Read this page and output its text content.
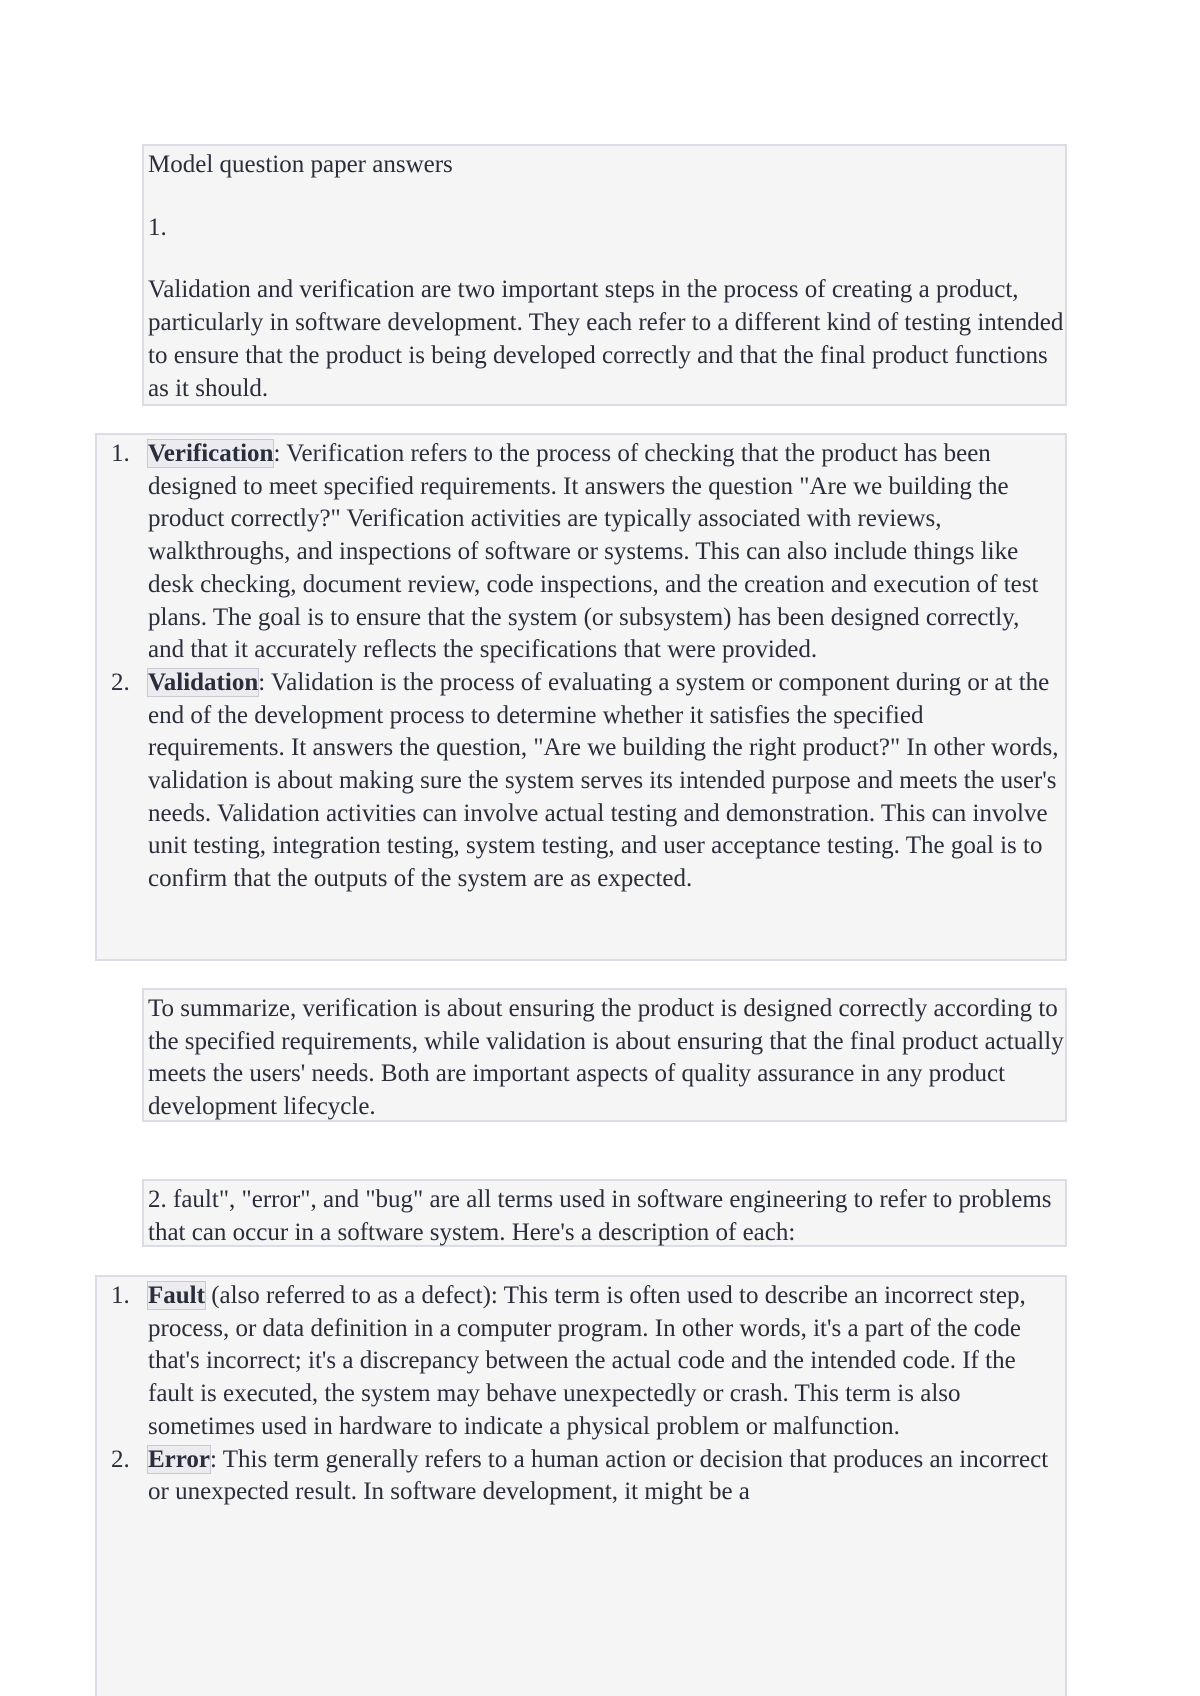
Model question paper answers

1.

Validation and verification are two important steps in the process of creating a product, particularly in software development. They each refer to a different kind of testing intended to ensure that the product is being developed correctly and that the final product functions as it should.

1. Verification: Verification refers to the process of checking that the product has been designed to meet specified requirements. It answers the question "Are we building the product correctly?" Verification activities are typically associated with reviews, walkthroughs, and inspections of software or systems. This can also include things like desk checking, document review, code inspections, and the creation and execution of test plans. The goal is to ensure that the system (or subsystem) has been designed correctly, and that it accurately reflects the specifications that were provided.
2. Validation: Validation is the process of evaluating a system or component during or at the end of the development process to determine whether it satisfies the specified requirements. It answers the question, "Are we building the right product?" In other words, validation is about making sure the system serves its intended purpose and meets the user's needs. Validation activities can involve actual testing and demonstration. This can involve unit testing, integration testing, system testing, and user acceptance testing. The goal is to confirm that the outputs of the system are as expected.

To summarize, verification is about ensuring the product is designed correctly according to the specified requirements, while validation is about ensuring that the final product actually meets the users' needs. Both are important aspects of quality assurance in any product development lifecycle.

2. fault", "error", and "bug" are all terms used in software engineering to refer to problems that can occur in a software system. Here's a description of each:

1. Fault (also referred to as a defect): This term is often used to describe an incorrect step, process, or data definition in a computer program. In other words, it's a part of the code that's incorrect; it's a discrepancy between the actual code and the intended code. If the fault is executed, the system may behave unexpectedly or crash. This term is also sometimes used in hardware to indicate a physical problem or malfunction.
2. Error: This term generally refers to a human action or decision that produces an incorrect or unexpected result. In software development, it might be a
